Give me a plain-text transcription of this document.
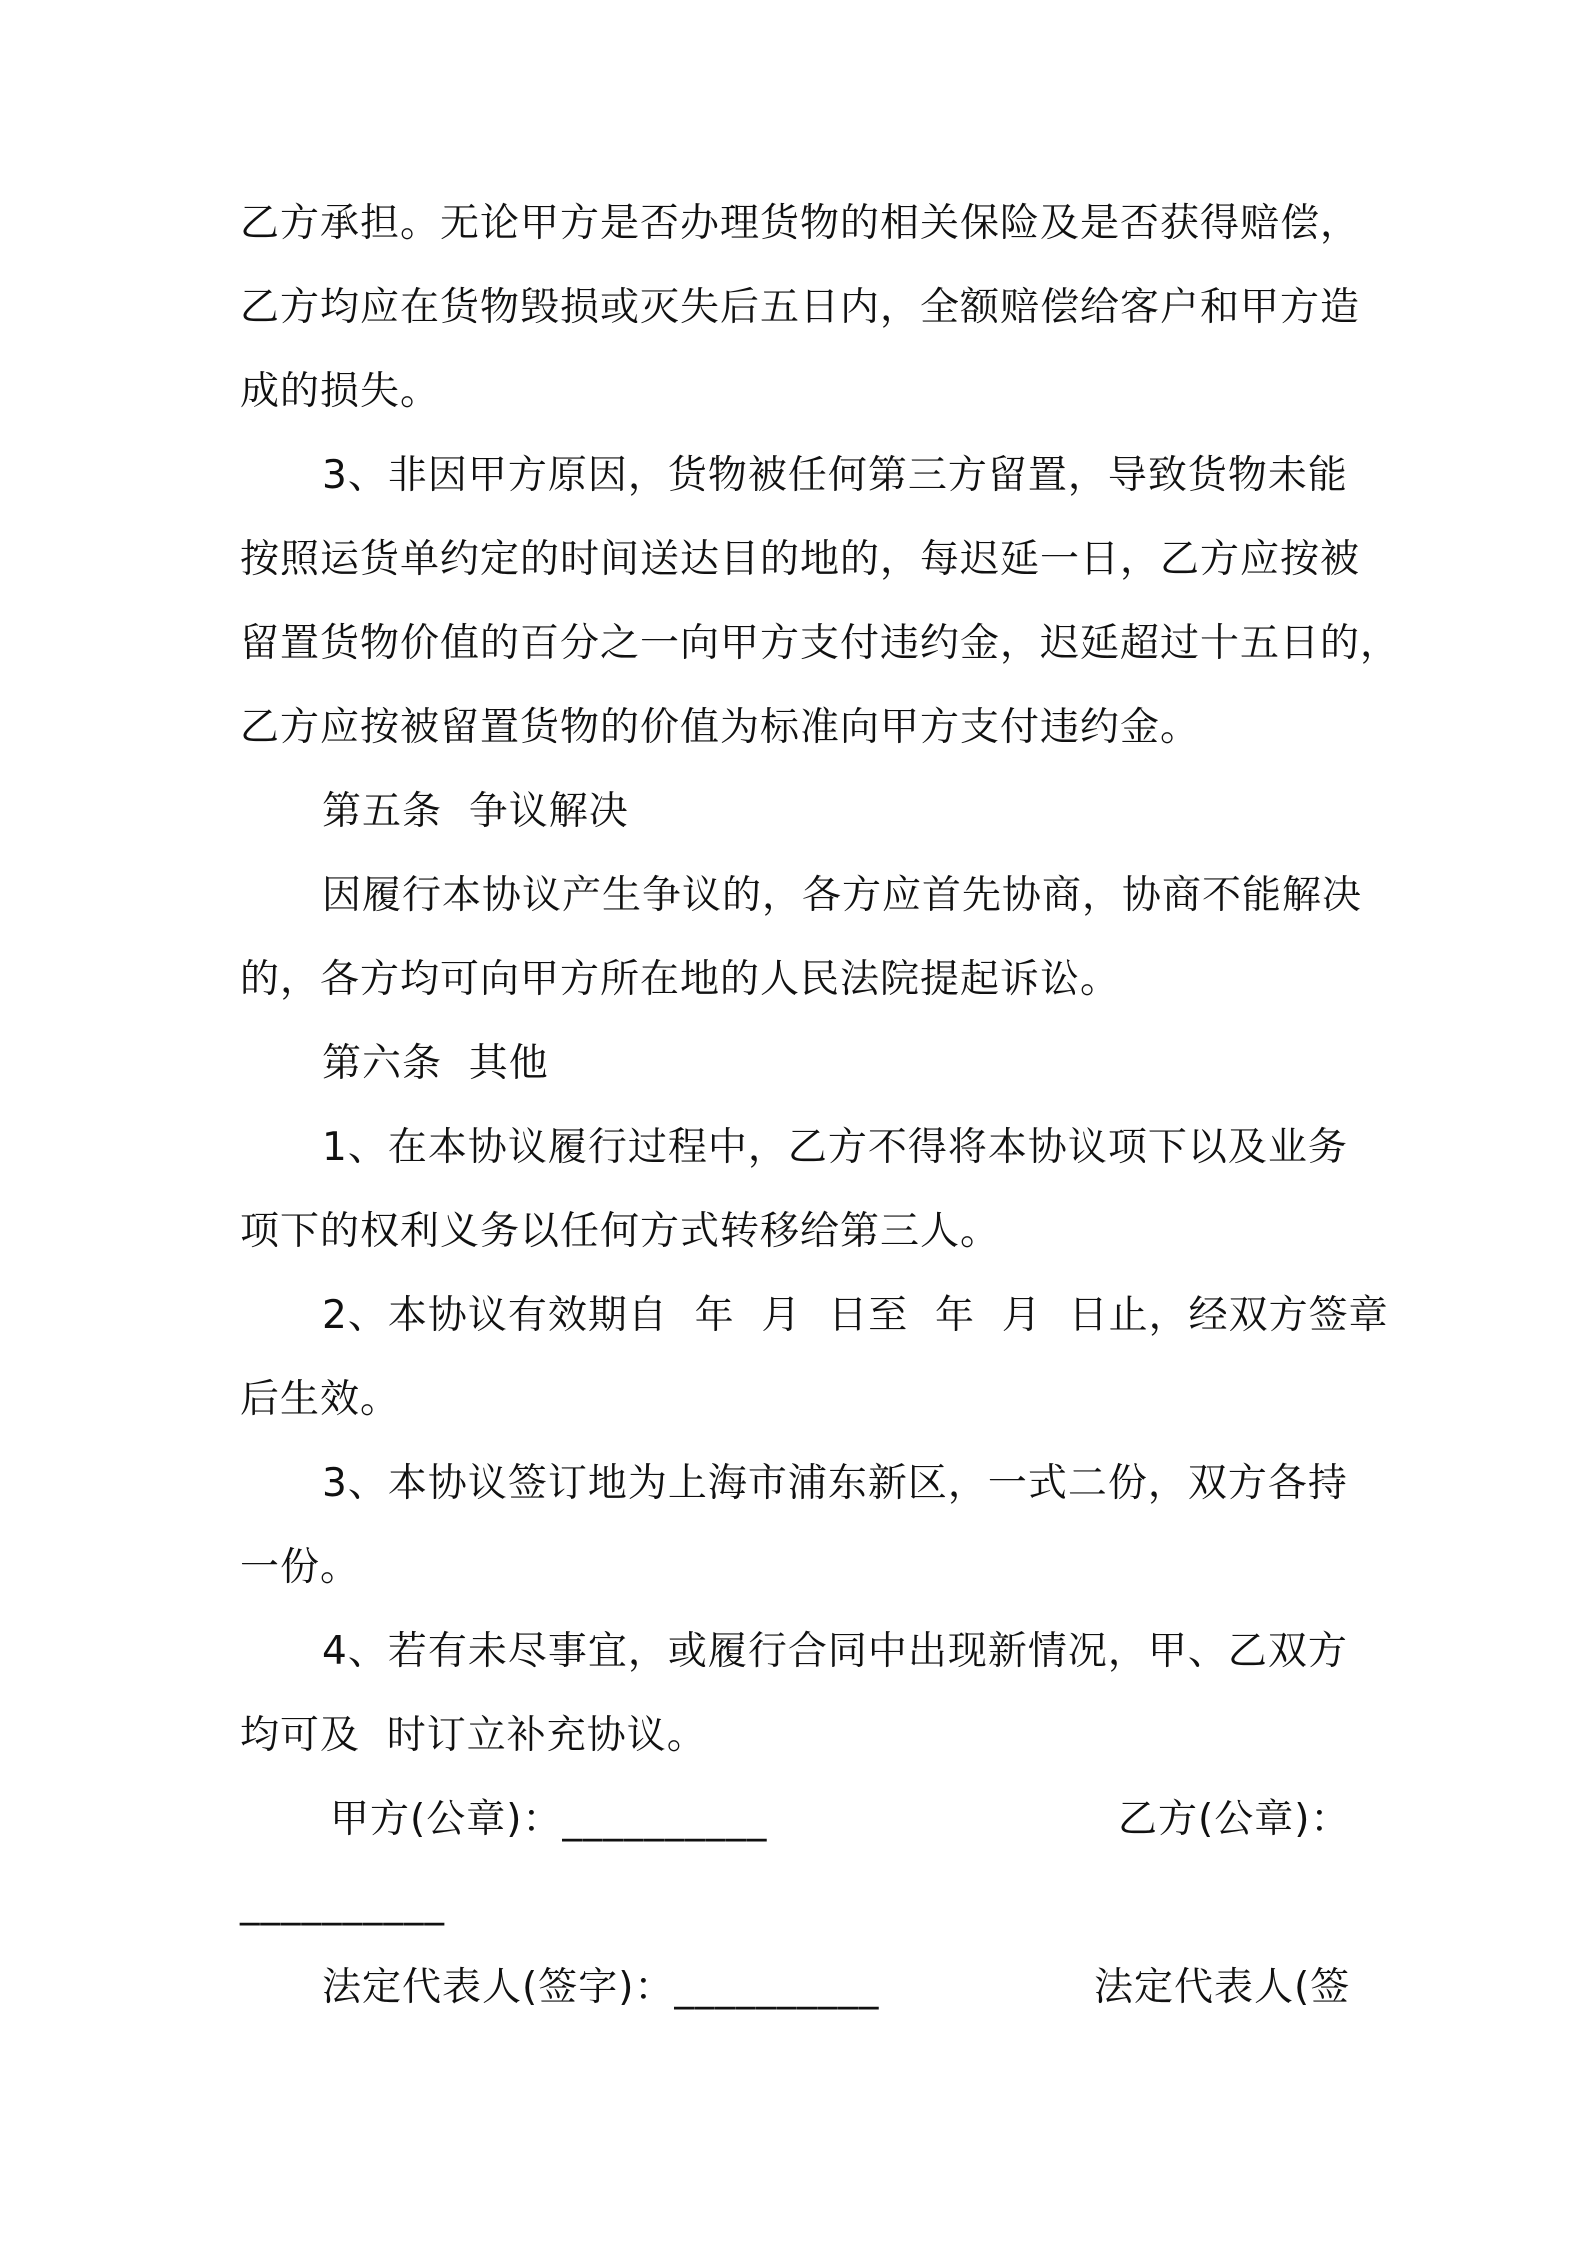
乙方承担。无论甲方是否办理货物的相关保险及是否获得赔偿，
乙方均应在货物毁损或灭失后五日内，全额赔偿给客户和甲方造
成的损失。
3、非因甲方原因，货物被任何第三方留置，导致货物未能
按照运货单约定的时间送达目的地的，每迟延一日，乙方应按被
留置货物价值的百分之一向甲方支付违约金，迟延超过十五日的，
乙方应按被留置货物的价值为标准向甲方支付违约金。
第五条  争议解决
因履行本协议产生争议的，各方应首先协商，协商不能解决
的，各方均可向甲方所在地的人民法院提起诉讼。
第六条  其他
1、在本协议履行过程中，乙方不得将本协议项下以及业务
项下的权利义务以任何方式转移给第三人。
2、本协议有效期自  年  月  日至  年  月  日止，经双方签章
后生效。
3、本协议签订地为上海市浦东新区，一式二份，双方各持
一份。
4、若有未尽事宜，或履行合同中出现新情况，甲、乙双方
均可及  时订立补充协议。
甲方(公章)：__________	乙方(公章)：
__________
法定代表人(签字)：__________	法定代表人(签
